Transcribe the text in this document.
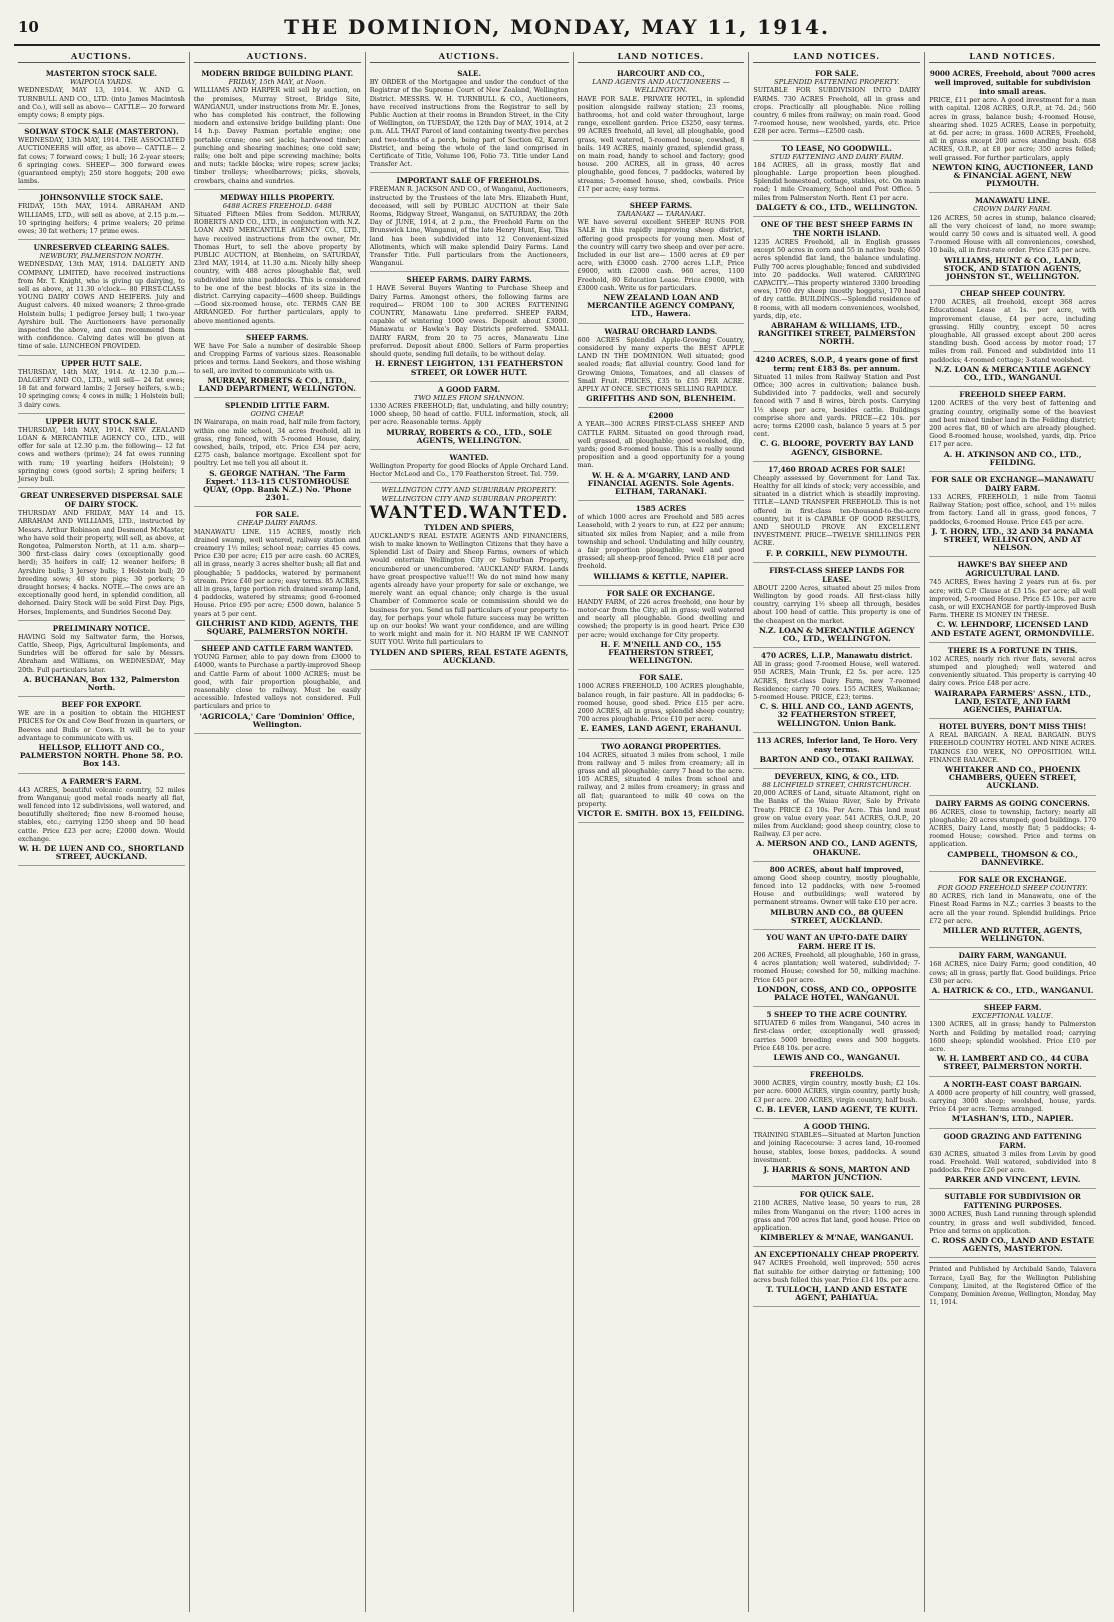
10	THE DOMINION, MONDAY, MAY 11, 1914.
AUCTIONS.
MASTERTON STOCK SALE.
WAIPOUA YARDS.
WEDNESDAY, MAY 13, 1914. W. AND G. TURNBULL AND CO., LTD. (into James Macintosh and Co.), will sell as above— CATTLE— 20 forward empty cows; 8 empty pigs.
SOLWAY STOCK SALE (MASTERTON).
WEDNESDAY, 13th MAY, 1914. THE ASSOCIATED AUCTIONEERS will offer, as above— CATTLE— 2 fat cows; 7 forward cows; 1 bull; 16 2-year steers; 6 springing cows. SHEEP— 300 forward ewes (guaranteed empty); 250 store hoggets; 200 ewe lambs.
JOHNSONVILLE STOCK SALE.
FRIDAY, 15th MAY, 1914. ABRAHAM AND WILLIAMS, LTD., will sell as above, at 2.15 p.m.— 10 springing heifers; 4 prime vealers; 20 prime ewes; 30 fat wethers; 17 prime ewes.
UNRESERVED CLEARING SALES.
NEWBURY, PALMERSTON NORTH.
WEDNESDAY, 13th MAY, 1914. DALGETY AND COMPANY, LIMITED, have received instructions from Mr. T. Knight, who is giving up dairying, to sell as above, at 11.30 o'clock— 80 FIRST-CLASS YOUNG DAIRY COWS AND HEIFERS. July and August calvers. 40 mixed weaners; 2 three-grade Holstein bulls; 1 pedigree Jersey bull; 1 two-year Ayrshire bull. The Auctioneers have personally inspected the above, and can recommend them with confidence. Calving dates will be given at time of sale. LUNCHEON PROVIDED.
UPPER HUTT SALE.
THURSDAY, 14th MAY, 1914. At 12.30 p.m.— DALGETY AND CO., LTD., will sell— 24 fat ewes; 18 fat and forward lambs; 2 Jersey heifers, s.w.b.; 10 springing cows; 4 cows in milk; 1 Holstein bull; 3 dairy cows.
UPPER HUTT STOCK SALE.
THURSDAY, 14th MAY, 1914. NEW ZEALAND LOAN & MERCANTILE AGENCY CO., LTD., will offer for sale at 12.30 p.m. the following— 12 fat cows and wethers (prime); 24 fat ewes running with ram; 19 yearling heifers (Holstein); 9 springing cows (good sorts); 2 spring heifers; 1 Jersey bull.
GREAT UNRESERVED DISPERSAL SALE OF DAIRY STOCK.
THURSDAY AND FRIDAY, MAY 14 and 15. ABRAHAM AND WILLIAMS, LTD., instructed by Messrs. Arthur Robinson and Desmond McMaster, who have sold their property, will sell, as above, at Rongotea, Palmerston North, at 11 a.m. sharp— 300 first-class dairy cows (exceptionally good herd); 35 heifers in calf; 12 weaner heifers; 8 Ayrshire bulls; 3 Jersey bulls; 1 Holstein bull; 20 breeding sows; 40 store pigs; 30 porkers; 5 draught horses; 4 hacks. NOTE.—The cows are an exceptionally good herd, in splendid condition, all dehorned. Dairy Stock will be sold First Day. Pigs, Horses, Implements, and Sundries Second Day.
PRELIMINARY NOTICE.
HAVING Sold my Saltwater farm, the Horses, Cattle, Sheep, Pigs, Agricultural Implements, and Sundries will be offered for sale by Messrs. Abraham and Williams, on WEDNESDAY, May 20th. Full particulars later.
A. BUCHANAN, Box 132, Palmerston North.
BEEF FOR EXPORT.
WE are in a position to obtain the HIGHEST PRICES for Ox and Cow Beef frozen in quarters, or Beeves and Bulls or Cows. It will be to your advantage to communicate with us.
HELLSOP, ELLIOTT AND CO., PALMERSTON NORTH. Phone 58. P.O. Box 143.
A FARMER'S FARM.
443 ACRES, beautiful volcanic country, 52 miles from Wanganui; good metal roads nearly all flat, well fenced into 12 subdivisions, well watered, and beautifully sheltered; fine new 8-roomed house, stables, etc.; carrying 1250 sheep and 50 head cattle. Price £23 per acre; £2000 down. Would exchange.
W. H. DE LUEN AND CO., SHORTLAND STREET, AUCKLAND.
AUCTIONS.
MODERN BRIDGE BUILDING PLANT.
FRIDAY, 15th MAY, at Noon.
WILLIAMS AND HARPER will sell by auction, on the premises, Murray Street, Bridge Site, WANGANUI, under instructions from Mr. E. Jones, who has completed his contract, the following modern and extensive bridge building plant: One 14 h.p. Davey Paxman portable engine; one portable crane; one set jacks; hardwood timber; punching and shearing machines; one cold saw; rails; one belt and pipe screwing machine; bolts and nuts; tackle blocks; wire ropes; screw jacks; timber trolleys; wheelbarrows; picks, shovels, crowbars, chains and sundries.
MEDWAY HILLS PROPERTY.
6488 ACRES FREEHOLD. 6488
Situated Fifteen Miles from Seddon. MURRAY, ROBERTS AND CO., LTD., in conjunction with N.Z. LOAN AND MERCANTILE AGENCY CO., LTD., have received instructions from the owner, Mr. Thomas Hurt, to sell the above property by PUBLIC AUCTION, at Blenheim, on SATURDAY, 23rd MAY, 1914, at 11.30 a.m. Nicely hilly sheep country, with 488 acres ploughable flat, well subdivided into nine paddocks. This is considered to be one of the best blocks of its size in the district. Carrying capacity—4600 sheep. Buildings—Good six-roomed house, etc. TERMS CAN BE ARRANGED. For further particulars, apply to above mentioned agents.
SHEEP FARMS.
WE have For Sale a number of desirable Sheep and Cropping Farms of various sizes. Reasonable prices and terms. Land Seekers, and those wishing to sell, are invited to communicate with us.
MURRAY, ROBERTS & CO., LTD., LAND DEPARTMENT, WELLINGTON.
SPLENDID LITTLE FARM.
GOING CHEAP.
IN Wairarapa, on main road, half mile from factory, within one mile school, 34 acres freehold, all in grass, ring fenced, with 5-roomed House, dairy, cowshed, bails, tripod, etc. Price £34 per acre, £275 cash, balance mortgage. Excellent spot for poultry. Let me tell you all about it.
S. GEORGE NATHAN. 'The Farm Expert.' 113-115 CUSTOMHOUSE QUAY, (Opp. Bank N.Z.) No. 'Phone 2301.
FOR SALE.
CHEAP DAIRY FARMS.
MANAWATU LINE. 115 ACRES, mostly rich drained swamp, well watered, railway station and creamery 1½ miles; school near; carries 45 cows. Price £30 per acre; £15 per acre cash. 60 ACRES, all in grass, nearly 3 acres shelter bush; all flat and ploughable; 5 paddocks, watered by permanent stream. Price £40 per acre; easy terms. 85 ACRES, all in grass, large portion rich drained swamp land, 4 paddocks, watered by streams; good 6-roomed House. Price £95 per acre; £500 down, balance 5 years at 5 per cent.
GILCHRIST AND KIDD, AGENTS, THE SQUARE, PALMERSTON NORTH.
SHEEP AND CATTLE FARM WANTED.
YOUNG Farmer, able to pay down from £3000 to £4000, wants to Purchase a partly-improved Sheep and Cattle Farm of about 1000 ACRES; must be good, with fair proportion ploughable, and reasonably close to railway. Must be easily accessible. Infested valleys not considered. Full particulars and price to
'AGRICOLA,' Care 'Dominion' Office, Wellington.
AUCTIONS.
SALE.
BY ORDER of the Mortgagee and under the conduct of the Registrar of the Supreme Court of New Zealand, Wellington District. MESSRS. W. H. TURNBULL & CO., Auctioneers, have received instructions from the Registrar to sell by Public Auction at their rooms in Brandon Street, in the City of Wellington, on TUESDAY, the 12th Day of MAY, 1914, at 2 p.m. ALL THAT Parcel of land containing twenty-five perches and two-tenths of a perch, being part of Section 62, Karori District, and being the whole of the land comprised in Certificate of Title, Volume 106, Folio 73. Title under Land Transfer Act.
IMPORTANT SALE OF FREEHOLDS.
FREEMAN R. JACKSON AND CO., of Wanganui, Auctioneers, instructed by the Trustees of the late Mrs. Elizabeth Hunt, deceased, will sell by PUBLIC AUCTION at their Sale Rooms, Ridgway Street, Wanganui, on SATURDAY, the 20th Day of JUNE, 1914, at 2 p.m., the Freehold Farm on the Brunswick Line, Wanganui, of the late Henry Hunt, Esq. This land has been subdivided into 12 Convenient-sized Allotments, which will make splendid Dairy Farms. Land Transfer Title. Full particulars from the Auctioneers, Wanganui.
SHEEP FARMS. DAIRY FARMS.
I HAVE Several Buyers Wanting to Purchase Sheep and Dairy Farms. Amongst others, the following farms are required— FROM 100 to 300 ACRES FATTENING COUNTRY, Manawatu Line preferred. SHEEP FARM, capable of wintering 1000 ewes. Deposit about £3000. Manawatu or Hawke's Bay Districts preferred. SMALL DAIRY FARM, from 20 to 75 acres, Manawatu Line preferred. Deposit about £800. Sellers of Farm properties should quote, sending full details, to be without delay.
H. ERNEST LEIGHTON, 131 FEATHERSTON STREET, OR LOWER HUTT.
A GOOD FARM.
TWO MILES FROM SHANNON.
1330 ACRES FREEHOLD; flat, undulating, and hilly country; 1000 sheep, 50 head of cattle. FULL information, stock, all per acre. Reasonable terms. Apply
MURRAY, ROBERTS & CO., LTD., SOLE AGENTS, WELLINGTON.
WANTED.
Wellington Property for good Blocks of Apple Orchard Land. Hector McLeod and Co., 179 Featherston Street. Tel. 759.
WELLINGTON CITY AND SUBURBAN PROPERTY. WELLINGTON CITY AND SUBURBAN PROPERTY.
WANTED. WANTED.
TYLDEN AND SPIERS,
AUCKLAND'S REAL ESTATE AGENTS AND FINANCIERS, wish to make known to Wellington Citizens that they have a Splendid List of Dairy and Sheep Farms, owners of which would entertain Wellington City or Suburban Property, encumbered or unencumbered. 'AUCKLAND' FARM. Lands have great prospective value!!! We do not mind how many agents already have your property for sale or exchange, we merely want an equal chance; only charge is the usual Chamber of Commerce scale or commission should we do business for you. Send us full particulars of your property to-day, for perhaps your whole future success may be written up on our books! We want your confidence, and are willing to work might and main for it. NO HARM IF WE CANNOT SUIT YOU. Write full particulars to
TYLDEN AND SPIERS, REAL ESTATE AGENTS, AUCKLAND.
LAND NOTICES.
HARCOURT AND CO.,
LAND AGENTS AND AUCTIONEERS — WELLINGTON.
HAVE FOR SALE. PRIVATE HOTEL, in splendid position alongside railway station; 23 rooms, bathrooms, hot and cold water throughout, large range, excellent garden. Price £3250, easy terms. 99 ACRES freehold, all level, all ploughable, good grass, well watered, 5-roomed house, cowshed, 8 bails. 149 ACRES, mainly grazed, splendid grass, on main road, handy to school and factory; good house. 200 ACRES, all in grass, 40 acres ploughable, good fences, 7 paddocks, watered by streams; 5-roomed house, shed, cowbails. Price £17 per acre; easy terms.
SHEEP FARMS.
TARANAKI — TARANAKI.
WE have several excellent SHEEP RUNS FOR SALE in this rapidly improving sheep district, offering good prospects for young men. Most of the country will carry two sheep and over per acre. Included in our list are— 1500 acres at £9 per acre, with £3000 cash. 2700 acres L.I.P., Price £9000, with £2000 cash. 960 acres, 1100 Freehold, 80 Education Lease. Price £9000, with £3000 cash. Write us for particulars.
NEW ZEALAND LOAN AND MERCANTILE AGENCY COMPANY, LTD., Hawera.
WAIRAU ORCHARD LANDS.
600 ACRES Splendid Apple-Growing Country, considered by many experts the BEST APPLE LAND IN THE DOMINION. Well situated; good sealed roads; flat alluvial country. Good land for Growing Onions, Tomatoes, and all classes of Small Fruit. PRICES, £35 to £55 PER ACRE. APPLY AT ONCE. SECTIONS SELLING RAPIDLY.
GRIFFITHS AND SON, BLENHEIM.
£2000
A YEAR—300 ACRES FIRST-CLASS SHEEP AND CATTLE FARM. Situated on good through road, well grassed, all ploughable; good woolshed, dip, yards; good 8-roomed house. This is a really sound proposition and a good opportunity for a young man.
W. H. & A. M'GARRY, LAND AND FINANCIAL AGENTS. Sole Agents. ELTHAM, TARANAKI.
1585 ACRES
of which 1000 acres are Freehold and 585 acres Leasehold, with 2 years to run, at £22 per annum; situated six miles from Napier, and a mile from township and school. Undulating and hilly country, a fair proportion ploughable; well and good grassed; all sheep-proof fenced. Price £18 per acre freehold.
WILLIAMS & KETTLE, NAPIER.
FOR SALE OR EXCHANGE.
HANDY FARM, of 226 acres freehold, one hour by motor-car from the City; all in grass; well watered and nearly all ploughable. Good dwelling and cowshed; the property is in good heart. Price £30 per acre; would exchange for City property.
H. F. M'NEILL AND CO., 155 FEATHERSTON STREET, WELLINGTON.
FOR SALE.
1000 ACRES FREEHOLD, 100 ACRES ploughable, balance rough, in fair pasture. All in paddocks; 6-roomed house, good shed. Price £15 per acre. 2000 ACRES, all in grass, splendid sheep country; 700 acres ploughable. Price £10 per acre.
E. EAMES, LAND AGENT, ERAHANUI.
TWO AORANGI PROPERTIES.
104 ACRES, situated 3 miles from school, 1 mile from railway and 5 miles from creamery; all in grass and all ploughable; carry 7 head to the acre. 105 ACRES, situated 4 miles from school and railway, and 2 miles from creamery; in grass and all flat; guaranteed to milk 40 cows on the property.
VICTOR E. SMITH. BOX 15, FEILDING.
LAND NOTICES.
FOR SALE.
SPLENDID FATTENING PROPERTY.
SUITABLE FOR SUBDIVISION INTO DAIRY FARMS. 730 ACRES Freehold, all in grass and crops. Practically all ploughable. Nice rolling country, 6 miles from railway; on main road. Good 7-roomed house, new woolshed, yards, etc. Price £28 per acre. Terms—£2500 cash.
TO LEASE, NO GOODWILL.
STUD FATTENING AND DAIRY FARM.
184 ACRES, all in grass, mostly flat and ploughable. Large proportion been ploughed. Splendid homestead, cottage, stables, etc. On main road; 1 mile Creamery, School and Post Office. 5 miles from Palmerston North. Rent £1 per acre.
DALGETY & CO., LTD., WELLINGTON.
ONE OF THE BEST SHEEP FARMS IN THE NORTH ISLAND.
1235 ACRES Freehold, all in English grasses except 50 acres in corn and 55 in native bush; 650 acres splendid flat land, the balance undulating. Fully 700 acres ploughable; fenced and subdivided into 20 paddocks. Well watered. CARRYING CAPACITY.—This property wintered 3300 breeding ewes, 1760 dry sheep (mostly hoggets), 170 head of dry cattle. BUILDINGS.—Splendid residence of 8 rooms, with all modern conveniences, woolshed, yards, dip, etc.
ABRAHAM & WILLIAMS, LTD., RANGITIKEI STREET, PALMERSTON NORTH.
4240 ACRES, S.O.P., 4 years gone of first term; rent £183 8s. per annum.
Situated 11 miles from Railway Station and Post Office; 300 acres in cultivation; balance bush. Subdivided into 7 paddocks, well and securely fenced with 7 and 8 wires, birch posts. Carrying 1½ sheep per acre, besides cattle. Buildings comprise shore and yards. PRICE—£2 10s. per acre; terms £2000 cash, balance 5 years at 5 per cent.
C. G. BLOORE, POVERTY BAY LAND AGENCY, GISBORNE.
17,460 BROAD ACRES FOR SALE!
Cheaply assessed by Government for Land Tax. Healthy for all kinds of stock; very accessible, and situated in a district which is steadily improving. TITLE—LAND TRANSFER FREEHOLD. This is not offered in first-class ten-thousand-to-the-acre country, but it is CAPABLE OF GOOD RESULTS, AND SHOULD PROVE AN EXCELLENT INVESTMENT. PRICE—TWELVE SHILLINGS PER ACRE.
F. P. CORKILL, NEW PLYMOUTH.
FIRST-CLASS SHEEP LANDS FOR LEASE.
ABOUT 2200 Acres, situated about 25 miles from Wellington by good roads. All first-class hilly country, carrying 1½ sheep all through, besides about 100 head of cattle. This property is one of the cheapest on the market.
N.Z. LOAN & MERCANTILE AGENCY CO., LTD., WELLINGTON.
470 ACRES, L.I.P., Manawatu district.
All in grass; good 7-roomed House, well watered. 950 ACRES, Main Trunk, £2 5s. per acre. 125 ACRES, first-class Dairy Farm, new 7-roomed Residence; carry 70 cows. 155 ACRES, Waikanae; 5-roomed House. PRICE, £23; terms.
C. S. HILL AND CO., LAND AGENTS, 32 FEATHERSTON STREET, WELLINGTON. Union Bank.
113 ACRES, Inferior land, Te Horo. Very easy terms.
BARTON AND CO., OTAKI RAILWAY.
DEVEREUX, KING, & CO., LTD.
88 LICHFIELD STREET, CHRISTCHURCH.
20,000 ACRES of Land, situate Altamont, right on the Banks of the Waiau River, Sale by Private Treaty. PRICE £3 10s. Per Acre. This land must grow on value every year. 541 ACRES, O.R.P., 20 miles from Auckland; good sheep country, close to Railway. £3 per acre.
A. MERSON AND CO., LAND AGENTS, OHAKUNE.
800 ACRES, about half improved,
among Good sheep country, mostly ploughable, fenced into 12 paddocks, with new 5-roomed House and outbuildings; well watered by permanent streams. Owner will take £10 per acre.
MILBURN AND CO., 88 QUEEN STREET, AUCKLAND.
YOU WANT AN UP-TO-DATE DAIRY FARM. HERE IT IS.
206 ACRES, Freehold, all ploughable, 160 in grass, 4 acres plantation; well watered, subdivided; 7-roomed House; cowshed for 50, milking machine. Price £45 per acre.
LONDON, COSS, AND CO., OPPOSITE PALACE HOTEL, WANGANUI.
5 SHEEP TO THE ACRE COUNTRY.
SITUATED 6 miles from Wanganui, 540 acres in first-class order, exceptionally well grassed; carries 5000 breeding ewes and 500 hoggets. Price £48 10s. per acre.
LEWIS AND CO., WANGANUI.
FREEHOLDS.
3000 ACRES, virgin country, mostly bush; £2 10s. per acre. 6000 ACRES, virgin country, partly bush; £3 per acre. 200 ACRES, virgin country, half bush.
C. B. LEVER, LAND AGENT, TE KUITI.
A GOOD THING.
TRAINING STABLES—Situated at Marton Junction and joining Racecourse: 3 acres land, 10-roomed house, stables, loose boxes, paddocks. A sound investment.
J. HARRIS & SONS, MARTON AND MARTON JUNCTION.
FOR QUICK SALE.
2100 ACRES, Native lease, 50 years to run, 28 miles from Wanganui on the river; 1100 acres in grass and 700 acres flat land, good house. Price on application.
KIMBERLEY & M'NAE, WANGANUI.
AN EXCEPTIONALLY CHEAP PROPERTY.
947 ACRES Freehold, well improved; 550 acres flat suitable for either dairying or fattening; 100 acres bush felled this year. Price £14 10s. per acre.
T. TULLOCH, LAND AND ESTATE AGENT, PAHIATUA.
LAND NOTICES.
9000 ACRES, Freehold, about 7000 acres well improved, suitable for subdivision into small areas.
PRICE, £11 per acre. A good investment for a man with capital. 1208 ACRES, O.R.P., at 7d. 2d.; 560 acres in grass, balance bush; 4-roomed House, shearing shed. 1025 ACRES, Lease in perpetuity, at 6d. per acre; in grass. 1600 ACRES, Freehold, all in grass except 200 acres standing bush. 658 ACRES, O.R.P., at £8 per acre; 350 acres felled; well grassed. For further particulars, apply
NEWTON KING, AUCTIONEER, LAND & FINANCIAL AGENT, NEW PLYMOUTH.
MANAWATU LINE.
CROWN DAIRY FARM.
126 ACRES, 50 acres in stump, balance cleared; all the very choicest of land, no more swamp; would carry 50 cows and is situated well. A good 7-roomed House with all conveniences, cowshed, 10 bails, all in first-rate order. Price £35 per acre.
WILLIAMS, HUNT & CO., LAND, STOCK, AND STATION AGENTS, JOHNSTON ST., WELLINGTON.
CHEAP SHEEP COUNTRY.
1700 ACRES, all freehold, except 368 acres Educational Lease at 1s. per acre, with improvement clause, £4 per acre, including grassing. Hilly country, except 50 acres ploughable. All grassed except about 200 acres standing bush. Good access by motor road; 17 miles from rail. Fenced and subdivided into 11 paddocks; 4-roomed cottage; 3-stand woolshed.
N.Z. LOAN & MERCANTILE AGENCY CO., LTD., WANGANUI.
FREEHOLD SHEEP FARM.
1200 ACRES of the very best of fattening and grazing country, originally some of the heaviest and best mixed timber land in the Feilding district; 200 acres flat, 80 of which are already ploughed. Good 8-roomed house, woolshed, yards, dip. Price £17 per acre.
A. H. ATKINSON AND CO., LTD., FEILDING.
FOR SALE OR EXCHANGE—MANAWATU DAIRY FARM.
133 ACRES, FREEHOLD, 1 mile from Taonui Railway Station; post office, school, and 1½ miles from factory. Land all in grass, good fences, 7 paddocks, 6-roomed House. Price £45 per acre.
J. T. HORN, LTD., 32 AND 34 PANAMA STREET, WELLINGTON, AND AT NELSON.
HAWKE'S BAY SHEEP AND AGRICULTURAL LAND.
745 ACRES, Ewes having 2 years run at 6s. per acre; with C.P. Clause at £3 15s. per acre; all well improved, 5-roomed House. Price £5 10s. per acre cash, or will EXCHANGE for partly-improved Bush Farm. THERE IS MONEY IN THESE.
C. W. LEHNDORF, LICENSED LAND AND ESTATE AGENT, ORMONDVILLE.
THERE IS A FORTUNE IN THIS.
102 ACRES, nearly rich river flats, several acres stumped and ploughed; well watered and conveniently situated. This property is carrying 40 dairy cows. Price £48 per acre.
WAIRARAPA FARMERS' ASSN., LTD., LAND, ESTATE, AND FARM AGENCIES, PAHIATUA.
HOTEL BUYERS, DON'T MISS THIS!
A REAL BARGAIN. A REAL BARGAIN. BUYS FREEHOLD COUNTRY HOTEL AND NINE ACRES. TAKINGS £30 WEEK, NO OPPOSITION. WILL FINANCE BALANCE.
WHITAKER AND CO., PHOENIX CHAMBERS, QUEEN STREET, AUCKLAND.
DAIRY FARMS AS GOING CONCERNS.
86 ACRES, close to township, factory; nearly all ploughable; 20 acres stumped; good buildings. 170 ACRES, Dairy Land, mostly flat; 5 paddocks; 4-roomed House; cowshed. Price and terms on application.
CAMPBELL, THOMSON & CO., DANNEVIRKE.
FOR SALE OR EXCHANGE.
FOR GOOD FREEHOLD SHEEP COUNTRY.
80 ACRES, rich land in Manawatu, one of the Finest Road Farms in N.Z.; carries 3 beasts to the acre all the year round. Splendid buildings. Price £72 per acre.
MILLER AND RUTTER, AGENTS, WELLINGTON.
DAIRY FARM, WANGANUI.
168 ACRES, nice Dairy Farm; good condition, 40 cows; all in grass, partly flat. Good buildings. Price £30 per acre.
A. HATRICK & CO., LTD., WANGANUI.
SHEEP FARM.
EXCEPTIONAL VALUE.
1300 ACRES, all in grass; handy to Palmerston North and Feilding by metalled road; carrying 1600 sheep; splendid woolshed. Price £10 per acre.
W. H. LAMBERT AND CO., 44 CUBA STREET, PALMERSTON NORTH.
A NORTH-EAST COAST BARGAIN.
A 4000 acre property of hill country, well grassed, carrying 3000 sheep; woolshed, house, yards. Price £4 per acre. Terms arranged.
M'LASHAN'S, LTD., NAPIER.
GOOD GRAZING AND FATTENING FARM.
630 ACRES, situated 3 miles from Levin by good road. Freehold. Well watered, subdivided into 8 paddocks. Price £26 per acre.
PARKER AND VINCENT, LEVIN.
SUITABLE FOR SUBDIVISION OR FATTENING PURPOSES.
3000 ACRES, Bush Land running through splendid country, in grass and well subdivided, fenced. Price and terms on application.
C. ROSS AND CO., LAND AND ESTATE AGENTS, MASTERTON.
Printed and Published by Archibald Sando, Talavera Terrace, Lyall Bay, for the Wellington Publishing Company, Limited, at the Registered Office of the Company, Dominion Avenue, Wellington, Monday, May 11, 1914.
